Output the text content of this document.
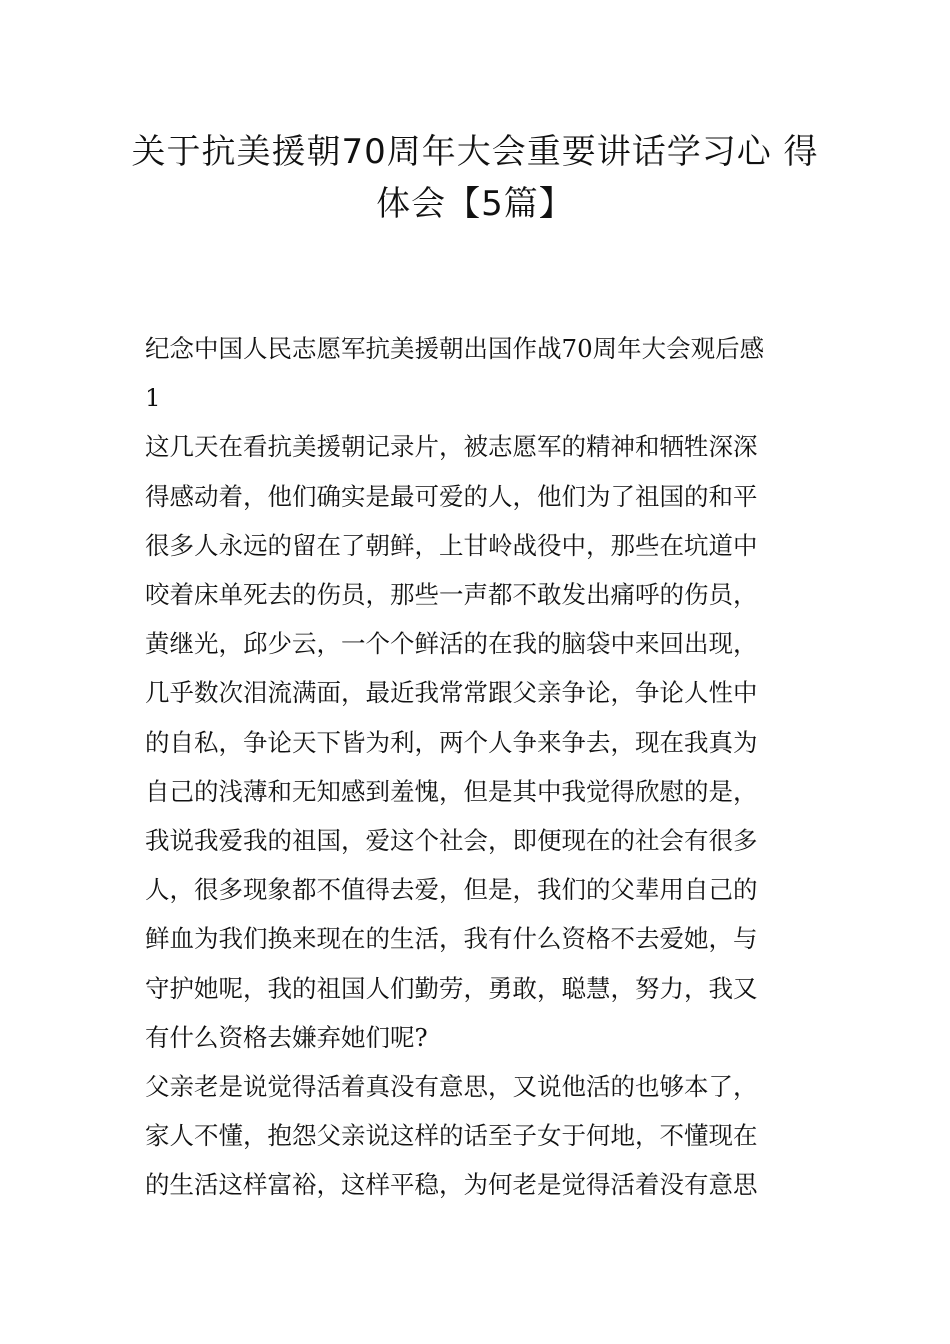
关于抗美援朝70周年大会重要讲话学习心 得体会【5篇】

纪念中国人民志愿军抗美援朝出国作战70周年大会观后感
1

这几天在看抗美援朝记录片，被志愿军的精神和牺牲深深
得感动着，他们确实是最可爱的人，他们为了祖国的和平
很多人永远的留在了朝鲜，上甘岭战役中，那些在坑道中
咬着床单死去的伤员，那些一声都不敢发出痛呼的伤员，
黄继光，邱少云，一个个鲜活的在我的脑袋中来回出现，
几乎数次泪流满面，最近我常常跟父亲争论，争论人性中
的自私，争论天下皆为利，两个人争来争去，现在我真为
自己的浅薄和无知感到羞愧，但是其中我觉得欣慰的是，
我说我爱我的祖国，爱这个社会，即便现在的社会有很多
人，很多现象都不值得去爱，但是，我们的父辈用自己的
鲜血为我们换来现在的生活，我有什么资格不去爱她，与
守护她呢，我的祖国人们勤劳，勇敢，聪慧，努力，我又
有什么资格去嫌弃她们呢?

父亲老是说觉得活着真没有意思，又说他活的也够本了，
家人不懂，抱怨父亲说这样的话至子女于何地，不懂现在
的生活这样富裕，这样平稳，为何老是觉得活着没有意思
